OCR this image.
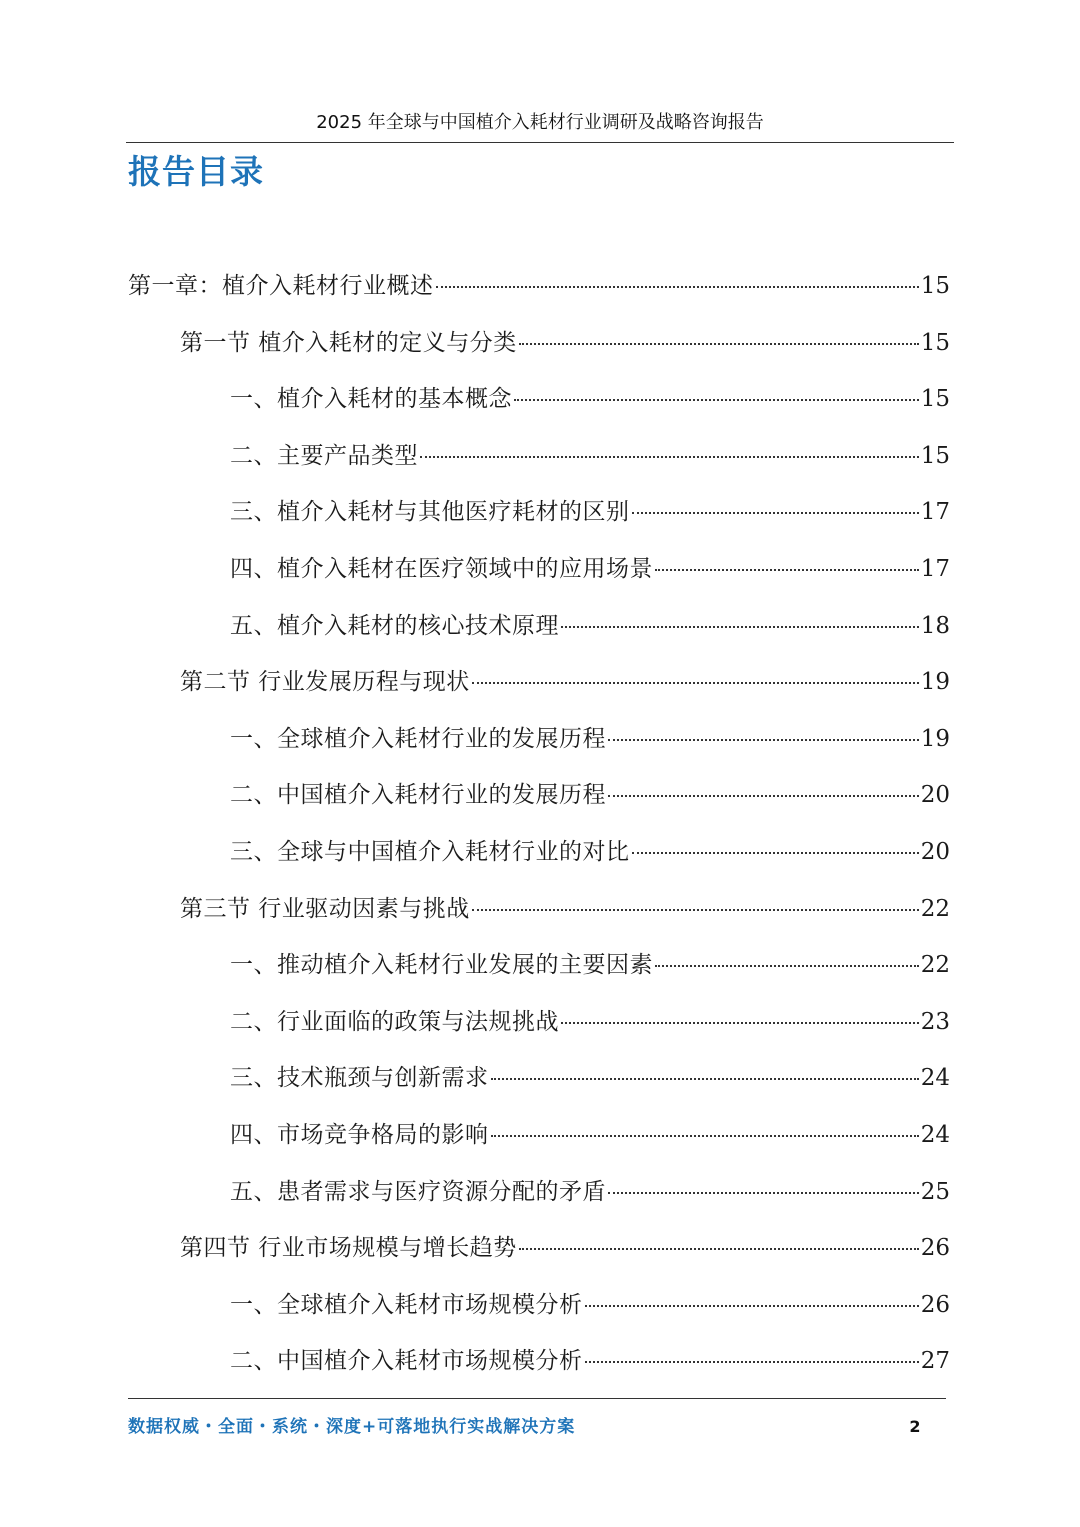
2025 年全球与中国植介入耗材行业调研及战略咨询报告
报告目录
第一章：植介入耗材行业概述	15
第一节 植介入耗材的定义与分类	15
一、植介入耗材的基本概念	15
二、主要产品类型	15
三、植介入耗材与其他医疗耗材的区别	17
四、植介入耗材在医疗领域中的应用场景	17
五、植介入耗材的核心技术原理	18
第二节 行业发展历程与现状	19
一、全球植介入耗材行业的发展历程	19
二、中国植介入耗材行业的发展历程	20
三、全球与中国植介入耗材行业的对比	20
第三节 行业驱动因素与挑战	22
一、推动植介入耗材行业发展的主要因素	22
二、行业面临的政策与法规挑战	23
三、技术瓶颈与创新需求	24
四、市场竞争格局的影响	24
五、患者需求与医疗资源分配的矛盾	25
第四节 行业市场规模与增长趋势	26
一、全球植介入耗材市场规模分析	26
二、中国植介入耗材市场规模分析	27
数据权威・全面・系统・深度+可落地执行实战解决方案	2
